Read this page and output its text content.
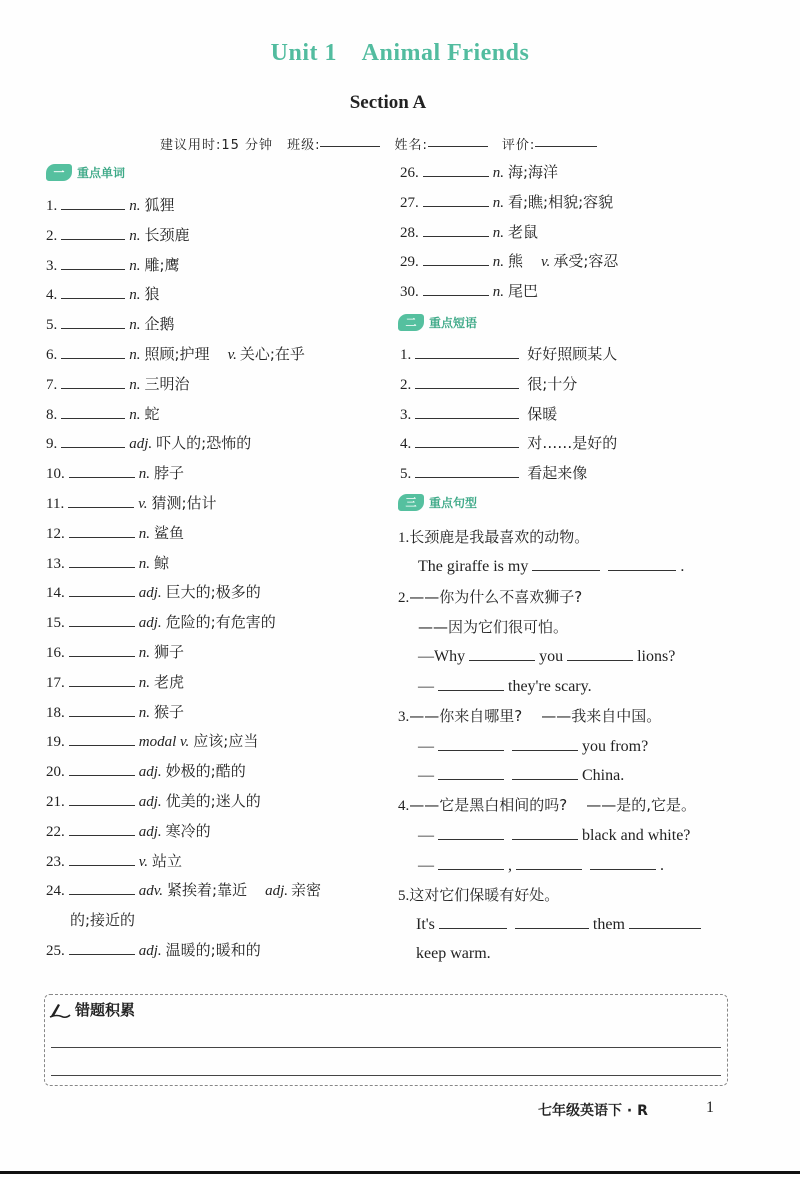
Unit 1    Animal Friends
Section A
建议用时:15 分钟 班级:	姓名:	评价:
一	重点单词
二	重点短语
三	重点句型
1.	n. 狐狸
2.	n. 长颈鹿
3.	n. 雕;鹰
4.	n. 狼
5.	n. 企鹅
6.	n. 照顾;护理 v. 关心;在乎
7.	n. 三明治
8.	n. 蛇
9.	adj. 吓人的;恐怖的
10.	n. 脖子
11.	v. 猜测;估计
12.	n. 鲨鱼
13.	n. 鲸
14.	adj. 巨大的;极多的
15.	adj. 危险的;有危害的
16.	n. 狮子
17.	n. 老虎
18.	n. 猴子
19.	modal v. 应该;应当
20.	adj. 妙极的;酷的
21.	adj. 优美的;迷人的
22.	adj. 寒冷的
23.	v. 站立
24.	adv. 紧挨着;靠近 adj. 亲密
的;接近的
25.	adj. 温暖的;暖和的
26.	n. 海;海洋
27.	n. 看;瞧;相貌;容貌
28.	n. 老鼠
29.	n. 熊 v. 承受;容忍
30.	n. 尾巴
1.	好好照顾某人
2.	很;十分
3.	保暖
4.	对……是好的
5.	看起来像
1.长颈鹿是我最喜欢的动物。
The giraffe is my	.
2.——你为什么不喜欢狮子?
——因为它们很可怕。
—Why	you	lions?
—	they're scary.
3.——你来自哪里?    ——我来自中国。
—	you from?
—	China.
4.——它是黑白相间的吗?    ——是的,它是。
—	black and white?
—	,	.
5.这对它们保暖有好处。
It's	them
keep warm.
错题积累
七年级英语下 · R	1
